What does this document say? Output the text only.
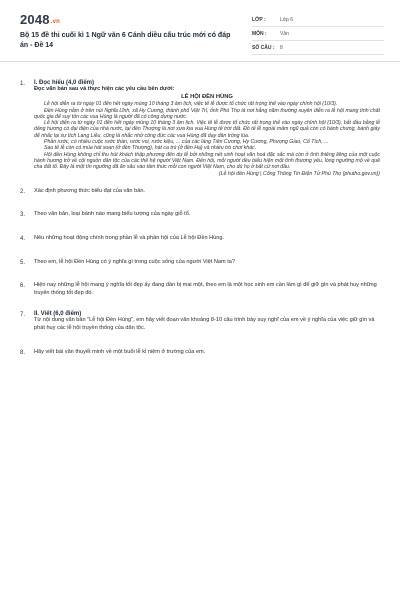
2048.vn
Bộ 15 đề thi cuối kì 1 Ngữ văn 6 Cánh diều cấu trúc mới có đáp án - Đề 14
LỚP :	Lớp 6
MÔN :	Văn
SỐ CÂU :	8
1.	I. Đọc hiểu (4,0 điểm)
Đọc văn bản sau và thực hiện các yêu cầu bên dưới:
LỄ HỘI ĐỀN HÙNG

Lễ hội diễn ra từ ngày 01 đến hết ngày mùng 10 tháng 3 âm lịch, việc tế lễ được tổ chức rất trọng thể vào ngày chính hội (10/3).

Đền Hùng nằm ở trên núi Nghĩa Lĩnh, xã Hy Cương, thành phố Việt Trì, tỉnh Phú Thọ là nơi hằng năm thường xuyên diễn ra lễ hội mang tính chất quốc gia để suy tôn các vua Hùng là người đã có công dựng nước.

Lễ hội diễn ra từ ngày 01 đến hết ngày mùng 10 tháng 3 âm lịch. Việc tế lễ được tổ chức rất trọng thể vào ngày chính hội (10/3), bắt đầu bằng lễ dâng hương có đại diện của nhà nước, tại đền Thượng là nơi xưa kia vua Hùng tế trời đất. Đồ tế lễ ngoài mâm ngũ quả còn có bánh chưng, bánh giầy để nhắc lại sự tích Lang Liêu, cũng là nhắc nhở công đức các vua Hùng đã dạy dân trồng lúa.

Phần rước, có nhiều cuộc rước thần, rước voi, rước kiệu, ... của các làng Tiên Cương, Hy Cương, Phượng Giao, Cổ Tích, ...

Sau tế lễ còn có múa hát xoan (ở đền Thượng), hát ca trù (ở đền Hạ) và nhiều trò chơi khác.

Hội đền Hùng không chỉ thu hút khách thập phương đến dự lễ bởi những nét sinh hoạt văn hoá đặc sắc mà còn ở tình thiêng liêng của một cuộc hành hương trở về cội nguồn dân tộc của các thế hệ người Việt Nam. Đến hội, mỗi người đều biểu hiện một tình thương yêu, lòng ngưỡng mộ về quê cha đất tổ. Đây là một tín ngưỡng đã ăn sâu vào tâm thức mỗi con người Việt Nam, cho dù họ ở bất cứ nơi đâu.

(Lễ hội đền Hùng | Cổng Thông Tin Điện Tử Phú Thọ (phutho.gov.vn))

2.	Xác định phương thức biểu đạt của văn bản.
3.	Theo văn bản, loại bánh nào mang biểu tượng của ngày giỗ tổ.
4.	Nêu những hoạt động chính trong phần lễ và phần hội của Lễ hội Đền Hùng.
5.	Theo em, lễ hội Đền Hùng có ý nghĩa gì trong cuộc sống của người Việt Nam ta?
6.	Hiện nay những lễ hội mang ý nghĩa tốt đẹp ấy đang dần bị mai một, theo em là một học sinh em cần làm gì để giữ gìn và phát huy những truyền thống tốt đẹp đó.
7.	II. Viết (6,0 điểm)
Từ nội dung văn bản "Lễ hội Đền Hùng", em hãy viết đoạn văn khoảng 8-10 câu trình bày suy nghĩ của em về ý nghĩa của việc giữ gìn và phát huy các lễ hội truyền thống của dân tộc.
8.	Hãy viết bài văn thuyết minh về một buổi lễ kỉ niệm ở trường của em.
